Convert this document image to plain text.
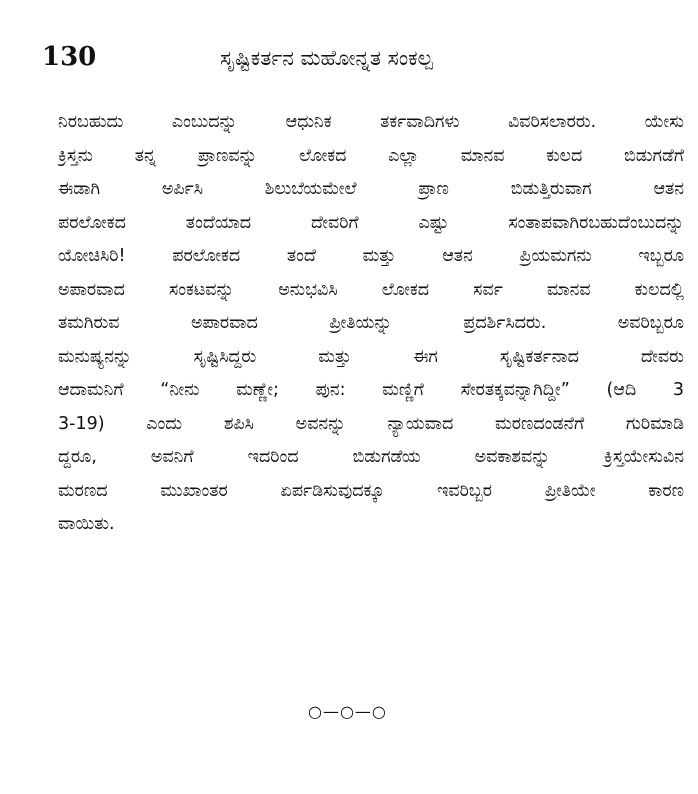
130	ಸೃಷ್ಟಿಕರ್ತನ ಮಹೋನ್ನತ ಸಂಕಲ್ಪ
ನಿರಬಹುದು ಎಂಬುದನ್ನು ಆಧುನಿಕ ತರ್ಕವಾದಿಗಳು ವಿವರಿಸಲಾರರು. ಯೇಸು
ಕ್ರಿಸ್ತನು ತನ್ನ ಪ್ರಾಣವನ್ನು ಲೋಕದ ಎಲ್ಲಾ ಮಾನವ ಕುಲದ ಬಿಡುಗಡೆಗೆ
ಈಡಾಗಿ ಅರ್ಪಿಸಿ ಶಿಲುಬೆಯಮೇಲೆ ಪ್ರಾಣ ಬಿಡುತ್ತಿರುವಾಗ ಆತನ
ಪರಲೋಕದ ತಂದೆಯಾದ ದೇವರಿಗೆ ಎಷ್ಟು ಸಂತಾಪವಾಗಿರಬಹುದೆಂಬುದನ್ನು
ಯೋಚಿಸಿರಿ! ಪರಲೋಕದ ತಂದೆ ಮತ್ತು ಆತನ ಪ್ರಿಯಮಗನು ಇಬ್ಬರೂ
ಅಪಾರವಾದ ಸಂಕಟವನ್ನು ಅನುಭವಿಸಿ ಲೋಕದ ಸರ್ವ ಮಾನವ ಕುಲದಲ್ಲಿ
ತಮಗಿರುವ ಅಪಾರವಾದ ಪ್ರೀತಿಯನ್ನು ಪ್ರದರ್ಶಿಸಿದರು. ಅವರಿಬ್ಬರೂ
ಮನುಷ್ಯನನ್ನು ಸೃಷ್ಟಿಸಿದ್ದರು ಮತ್ತು ಈಗ ಸೃಷ್ಟಿಕರ್ತನಾದ ದೇವರು
ಆದಾಮನಿಗೆ “ನೀನು ಮಣ್ಣೇ; ಪುನ: ಮಣ್ಣಿಗೆ ಸೇರತಕ್ಕವನ್ನಾಗಿದ್ದೀ” (ಆದಿ 3
3-19) ಎಂದು ಶಪಿಸಿ ಅವನನ್ನು ನ್ಯಾಯವಾದ ಮರಣದಂಡನೆಗೆ ಗುರಿಮಾಡಿ
ದ್ದರೂ, ಅವನಿಗೆ ಇದರಿಂದ ಬಿಡುಗಡೆಯ ಅವಕಾಶವನ್ನು ಕ್ರಿಸ್ತಯೇಸುವಿನ
ಮರಣದ ಮುಖಾಂತರ ಏರ್ಪಡಿಸುವುದಕ್ಕೂ ಇವರಿಬ್ಬರ ಪ್ರೀತಿಯೇ ಕಾರಣ
ವಾಯಿತು.
○—○—○
